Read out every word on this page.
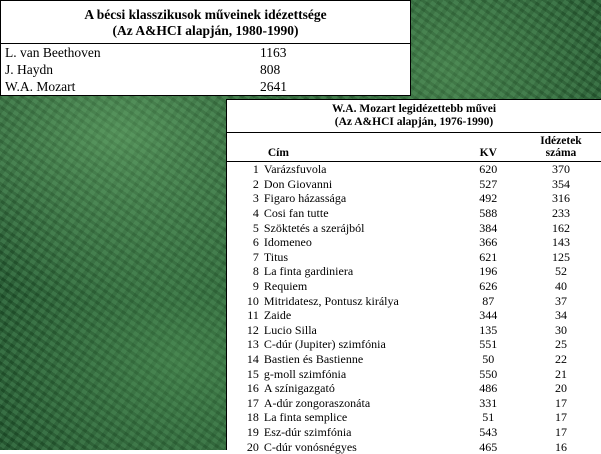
A bécsi klasszikusok műveinek idézettsége
(Az A&HCI alapján, 1980-1990)
L. van Beethoven	1163
J. Haydn	808
W.A. Mozart	2641
W.A. Mozart legidézettebb művei
(Az A&HCI alapján, 1976-1990)
	Cím	KV	Idézetek
száma

1	Varázsfuvola	620	370
2	Don Giovanni	527	354
3	Figaro házassága	492	316
4	Cosi fan tutte	588	233
5	Szöktetés a szerájból	384	162
6	Idomeneo	366	143
7	Titus	621	125
8	La finta gardiniera	196	52
9	Requiem	626	40
10	Mitridatesz, Pontusz királya	87	37
11	Zaide	344	34
12	Lucio Silla	135	30
13	C-dúr (Jupiter) szimfónia	551	25
14	Bastien és Bastienne	50	22
15	g-moll szimfónia	550	21
16	A színigazgató	486	20
17	A-dúr zongoraszonáta	331	17
18	La finta semplice	51	17
19	Esz-dúr szimfónia	543	17
20	C-dúr vonósnégyes	465	16
